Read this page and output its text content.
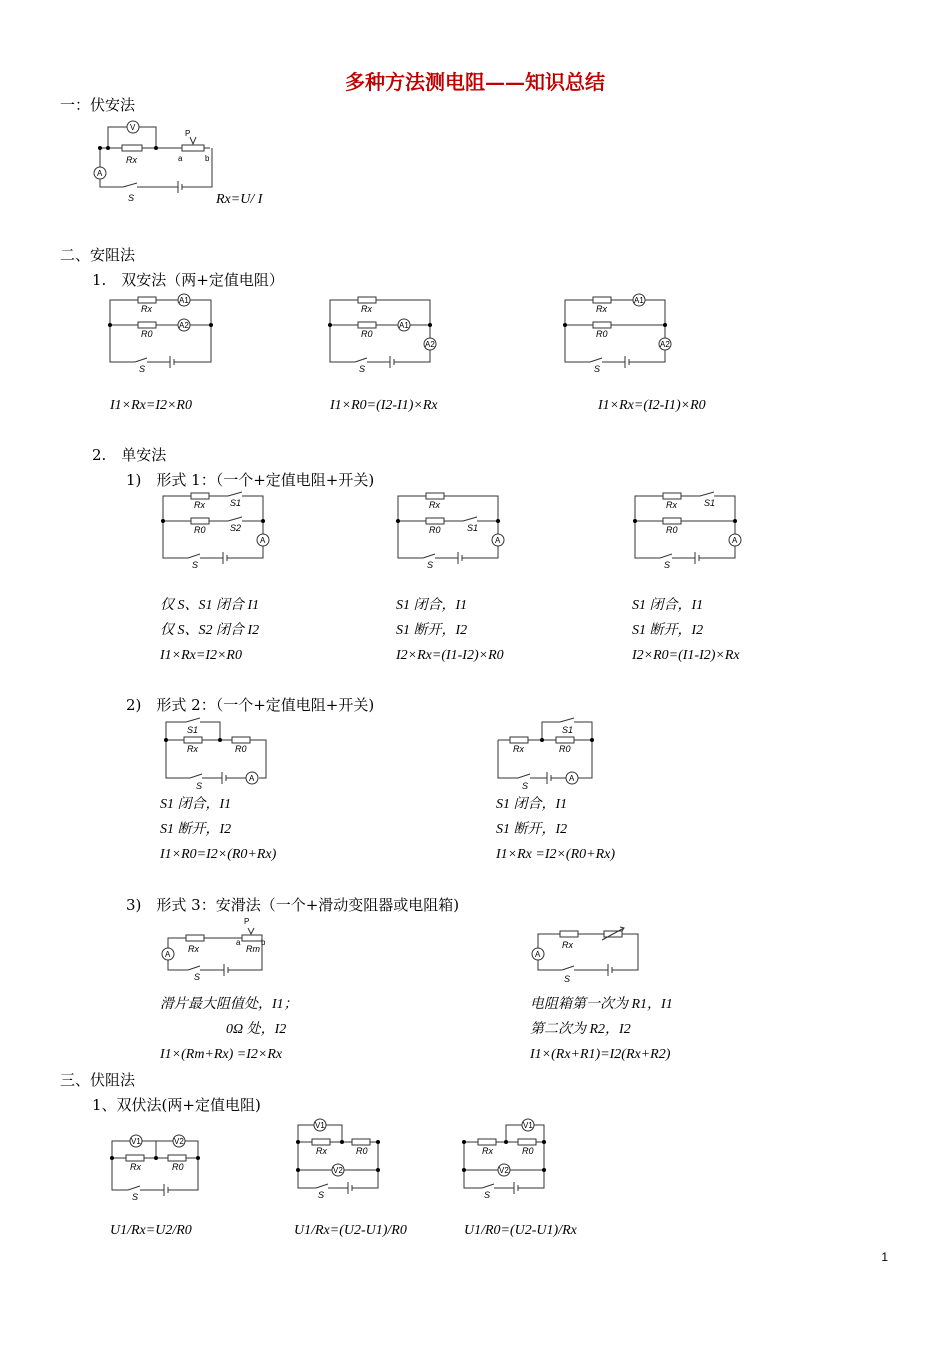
多种方法测电阻——知识总结
一：伏安法
V
Rx
P
a	b
A
S	Rx=U/ I
二、安阻法
1.　双安法（两+定值电阻）
Rx
A1
R0
A2
S
I1×Rx=I2×R0
Rx
R0
A1
A2
S
I1×R0=(I2-I1)×Rx
Rx
A1
R0
A2
S
I1×Rx=(I2-I1)×R0
2.　单安法
1)　形式 1：（一个+定值电阻+开关)
Rx	S1
R0	S2
A
S
仅 S、S1 闭合 I1
仅 S、S2 闭合 I2
I1×Rx=I2×R0
Rx
R0	S1
A
S
S1 闭合，I1
S1 断开，I2
I2×Rx=(I1-I2)×R0
Rx	S1
R0
A
S
S1 闭合，I1
S1 断开，I2
I2×R0=(I1-I2)×Rx
2)　形式 2：（一个+定值电阻+开关)
S1
Rx	R0
A
S
S1 闭合，I1
S1 断开，I2
I1×R0=I2×(R0+Rx)
S1
Rx	R0
A
S
S1 闭合，I1
S1 断开，I2
I1×Rx =I2×(R0+Rx)
3)　形式 3：安滑法（一个+滑动变阻器或电阻箱)
Rx
P
a
Rm
b
A
S
滑片最大阻值处，I1；
0Ω 处，I2
I1×(Rm+Rx) =I2×Rx
Rx
A
S
电阻箱第一次为 R1，I1
第二次为 R2，I2
I1×(Rx+R1)=I2(Rx+R2)
三、伏阻法
1、双伏法(两+定值电阻)
V1	V2
Rx	R0
S
U1/Rx=U2/R0
V1
Rx	R0
V2
S
U1/Rx=(U2-U1)/R0
V1
Rx	R0
V2
S
U1/R0=(U2-U1)/Rx
1
